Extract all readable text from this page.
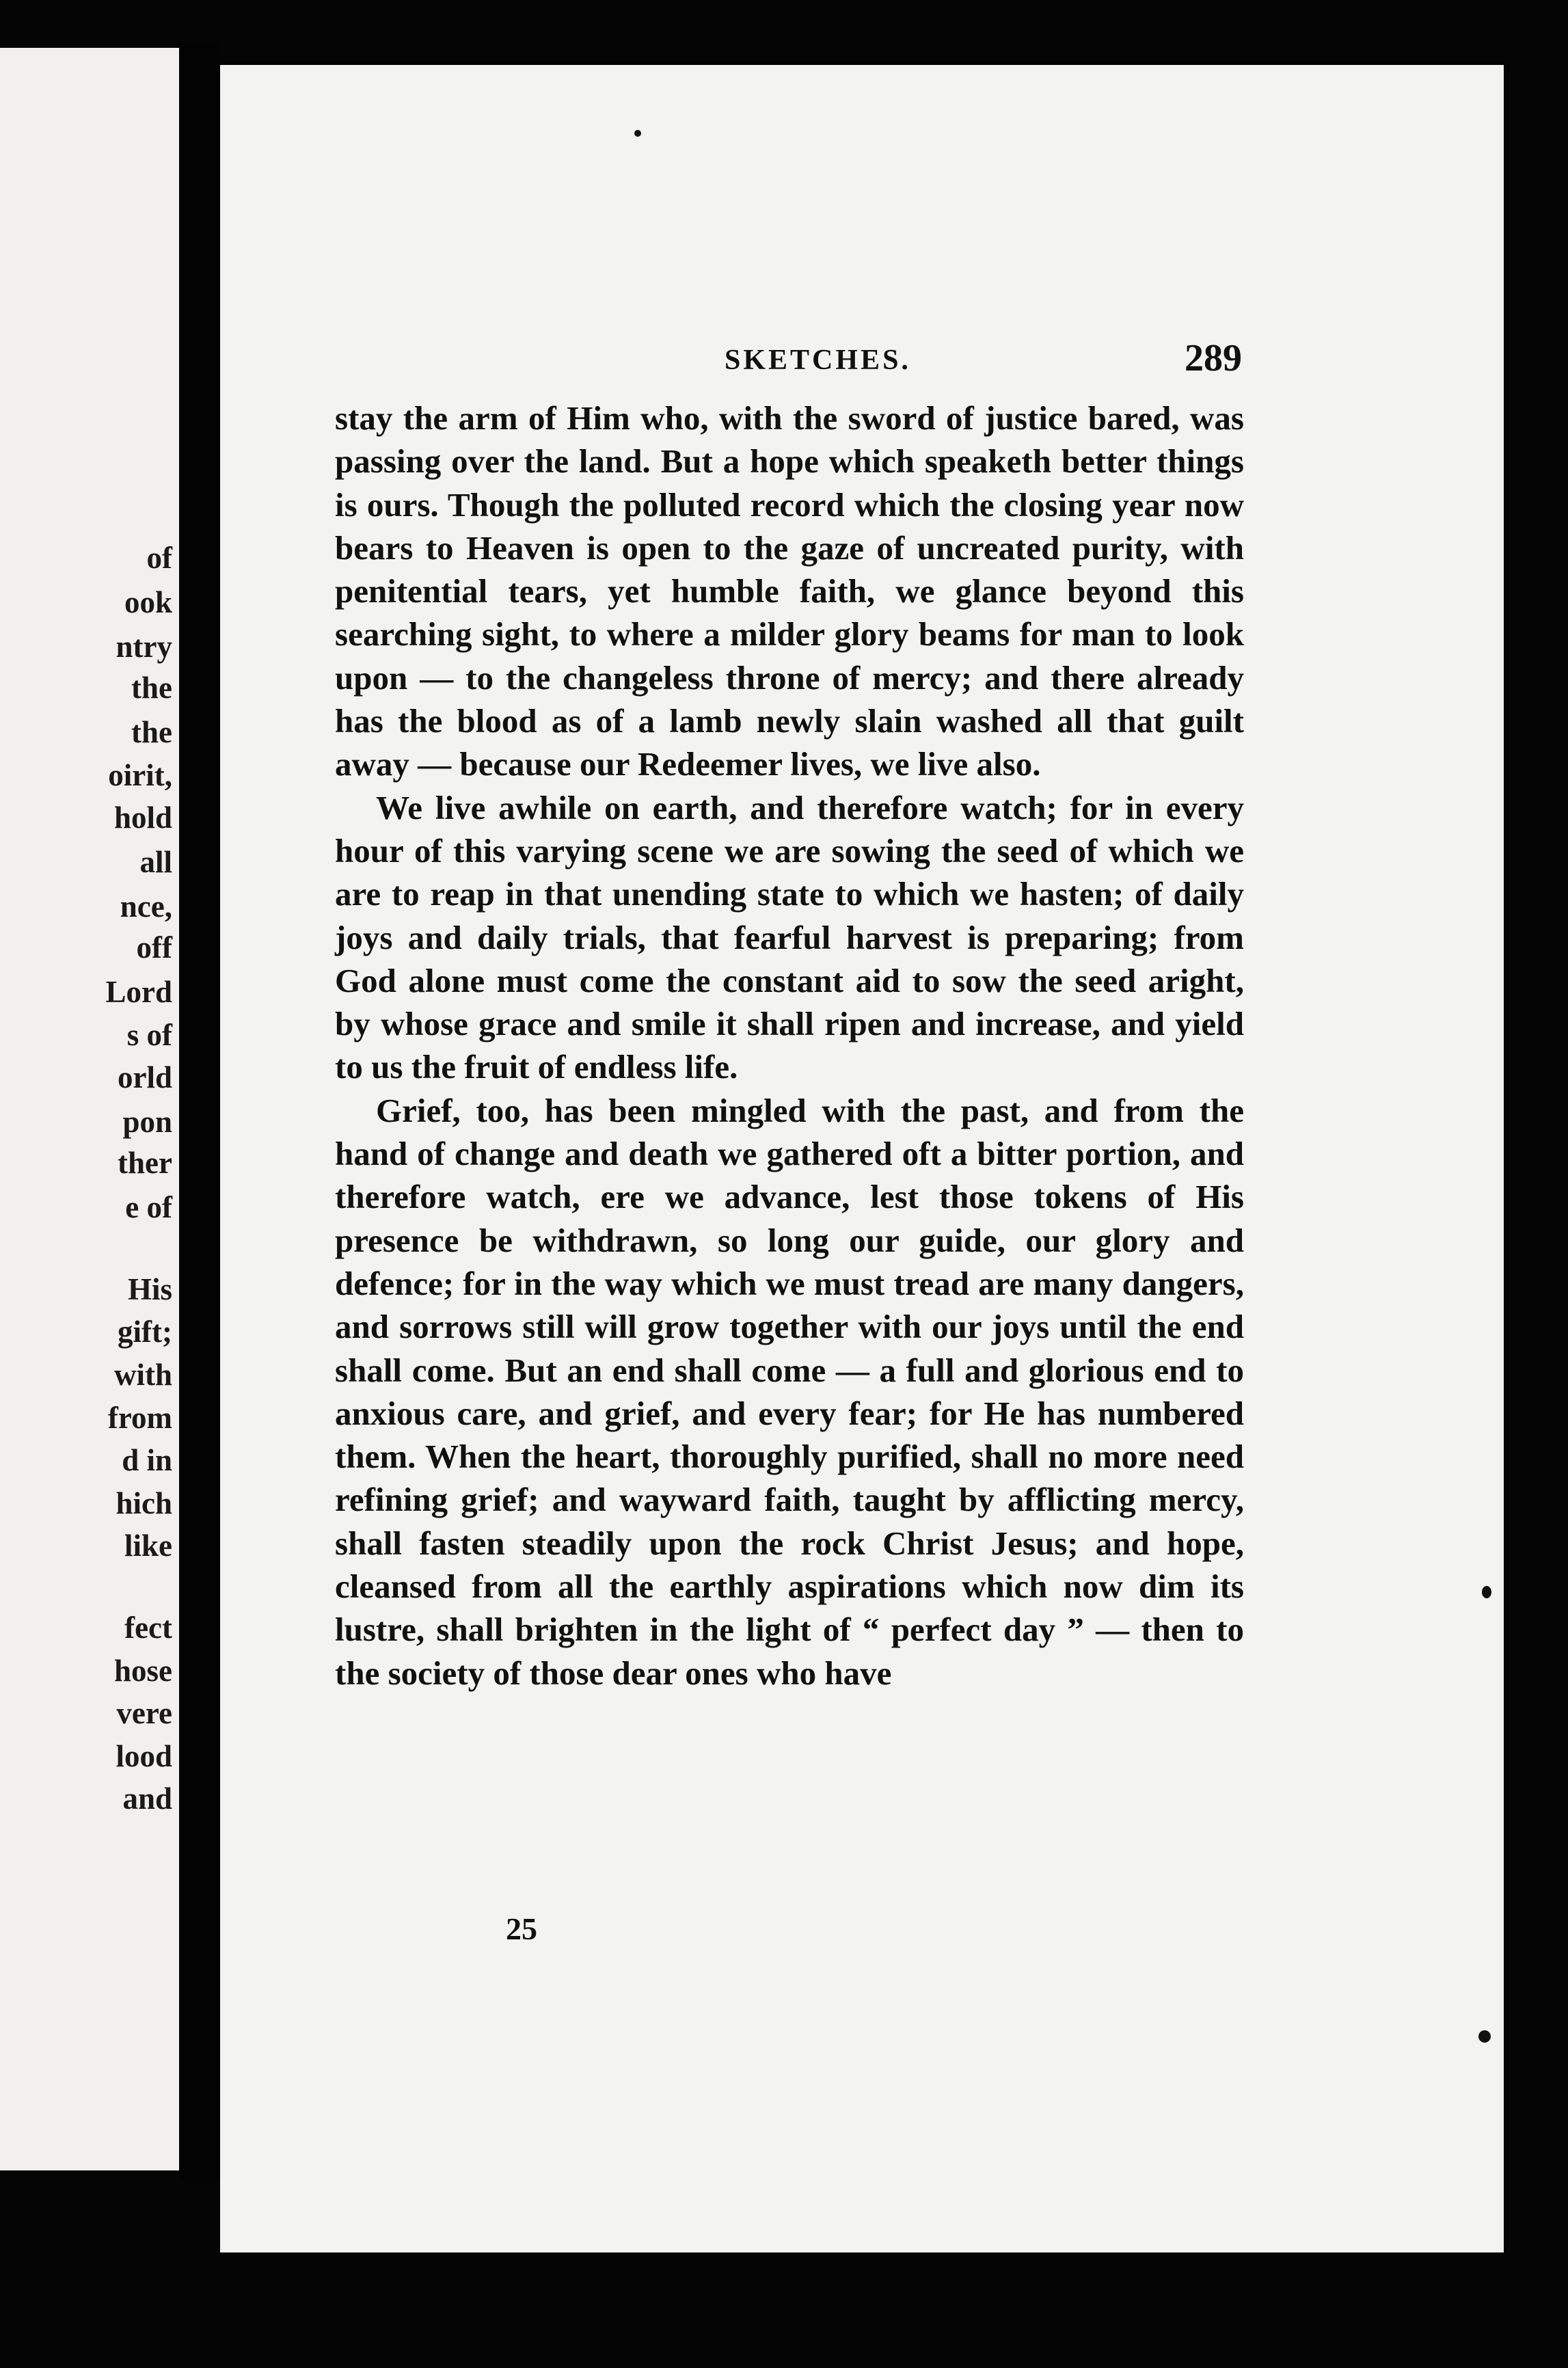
of

ook

ntry

the

the

oirit,

hold

all

nce,

off

Lord

s of

orld

pon

ther

e of

His

gift;

with

from

d in

hich

like

fect

hose

vere

lood

and

SKETCHES.	289

stay the arm of Him who, with the sword of justice bared, was passing over the land. But a hope which speaketh better things is ours. Though the polluted record which the closing year now bears to Heaven is open to the gaze of uncreated purity, with penitential tears, yet humble faith, we glance beyond this searching sight, to where a milder glory beams for man to look upon — to the changeless throne of mercy; and there already has the blood as of a lamb newly slain washed all that guilt away — because our Redeemer lives, we live also.

We live awhile on earth, and therefore watch; for in every hour of this varying scene we are sowing the seed of which we are to reap in that unending state to which we hasten; of daily joys and daily trials, that fearful harvest is preparing; from God alone must come the constant aid to sow the seed aright, by whose grace and smile it shall ripen and increase, and yield to us the fruit of endless life.

Grief, too, has been mingled with the past, and from the hand of change and death we gathered oft a bitter portion, and therefore watch, ere we advance, lest those tokens of His presence be withdrawn, so long our guide, our glory and defence; for in the way which we must tread are many dangers, and sorrows still will grow together with our joys until the end shall come. But an end shall come — a full and glorious end to anxious care, and grief, and every fear; for He has numbered them. When the heart, thoroughly purified, shall no more need refining grief; and wayward faith, taught by afflicting mercy, shall fasten steadily upon the rock Christ Jesus; and hope, cleansed from all the earthly aspirations which now dim its lustre, shall brighten in the light of “ perfect day ” — then to the society of those dear ones who have

25
